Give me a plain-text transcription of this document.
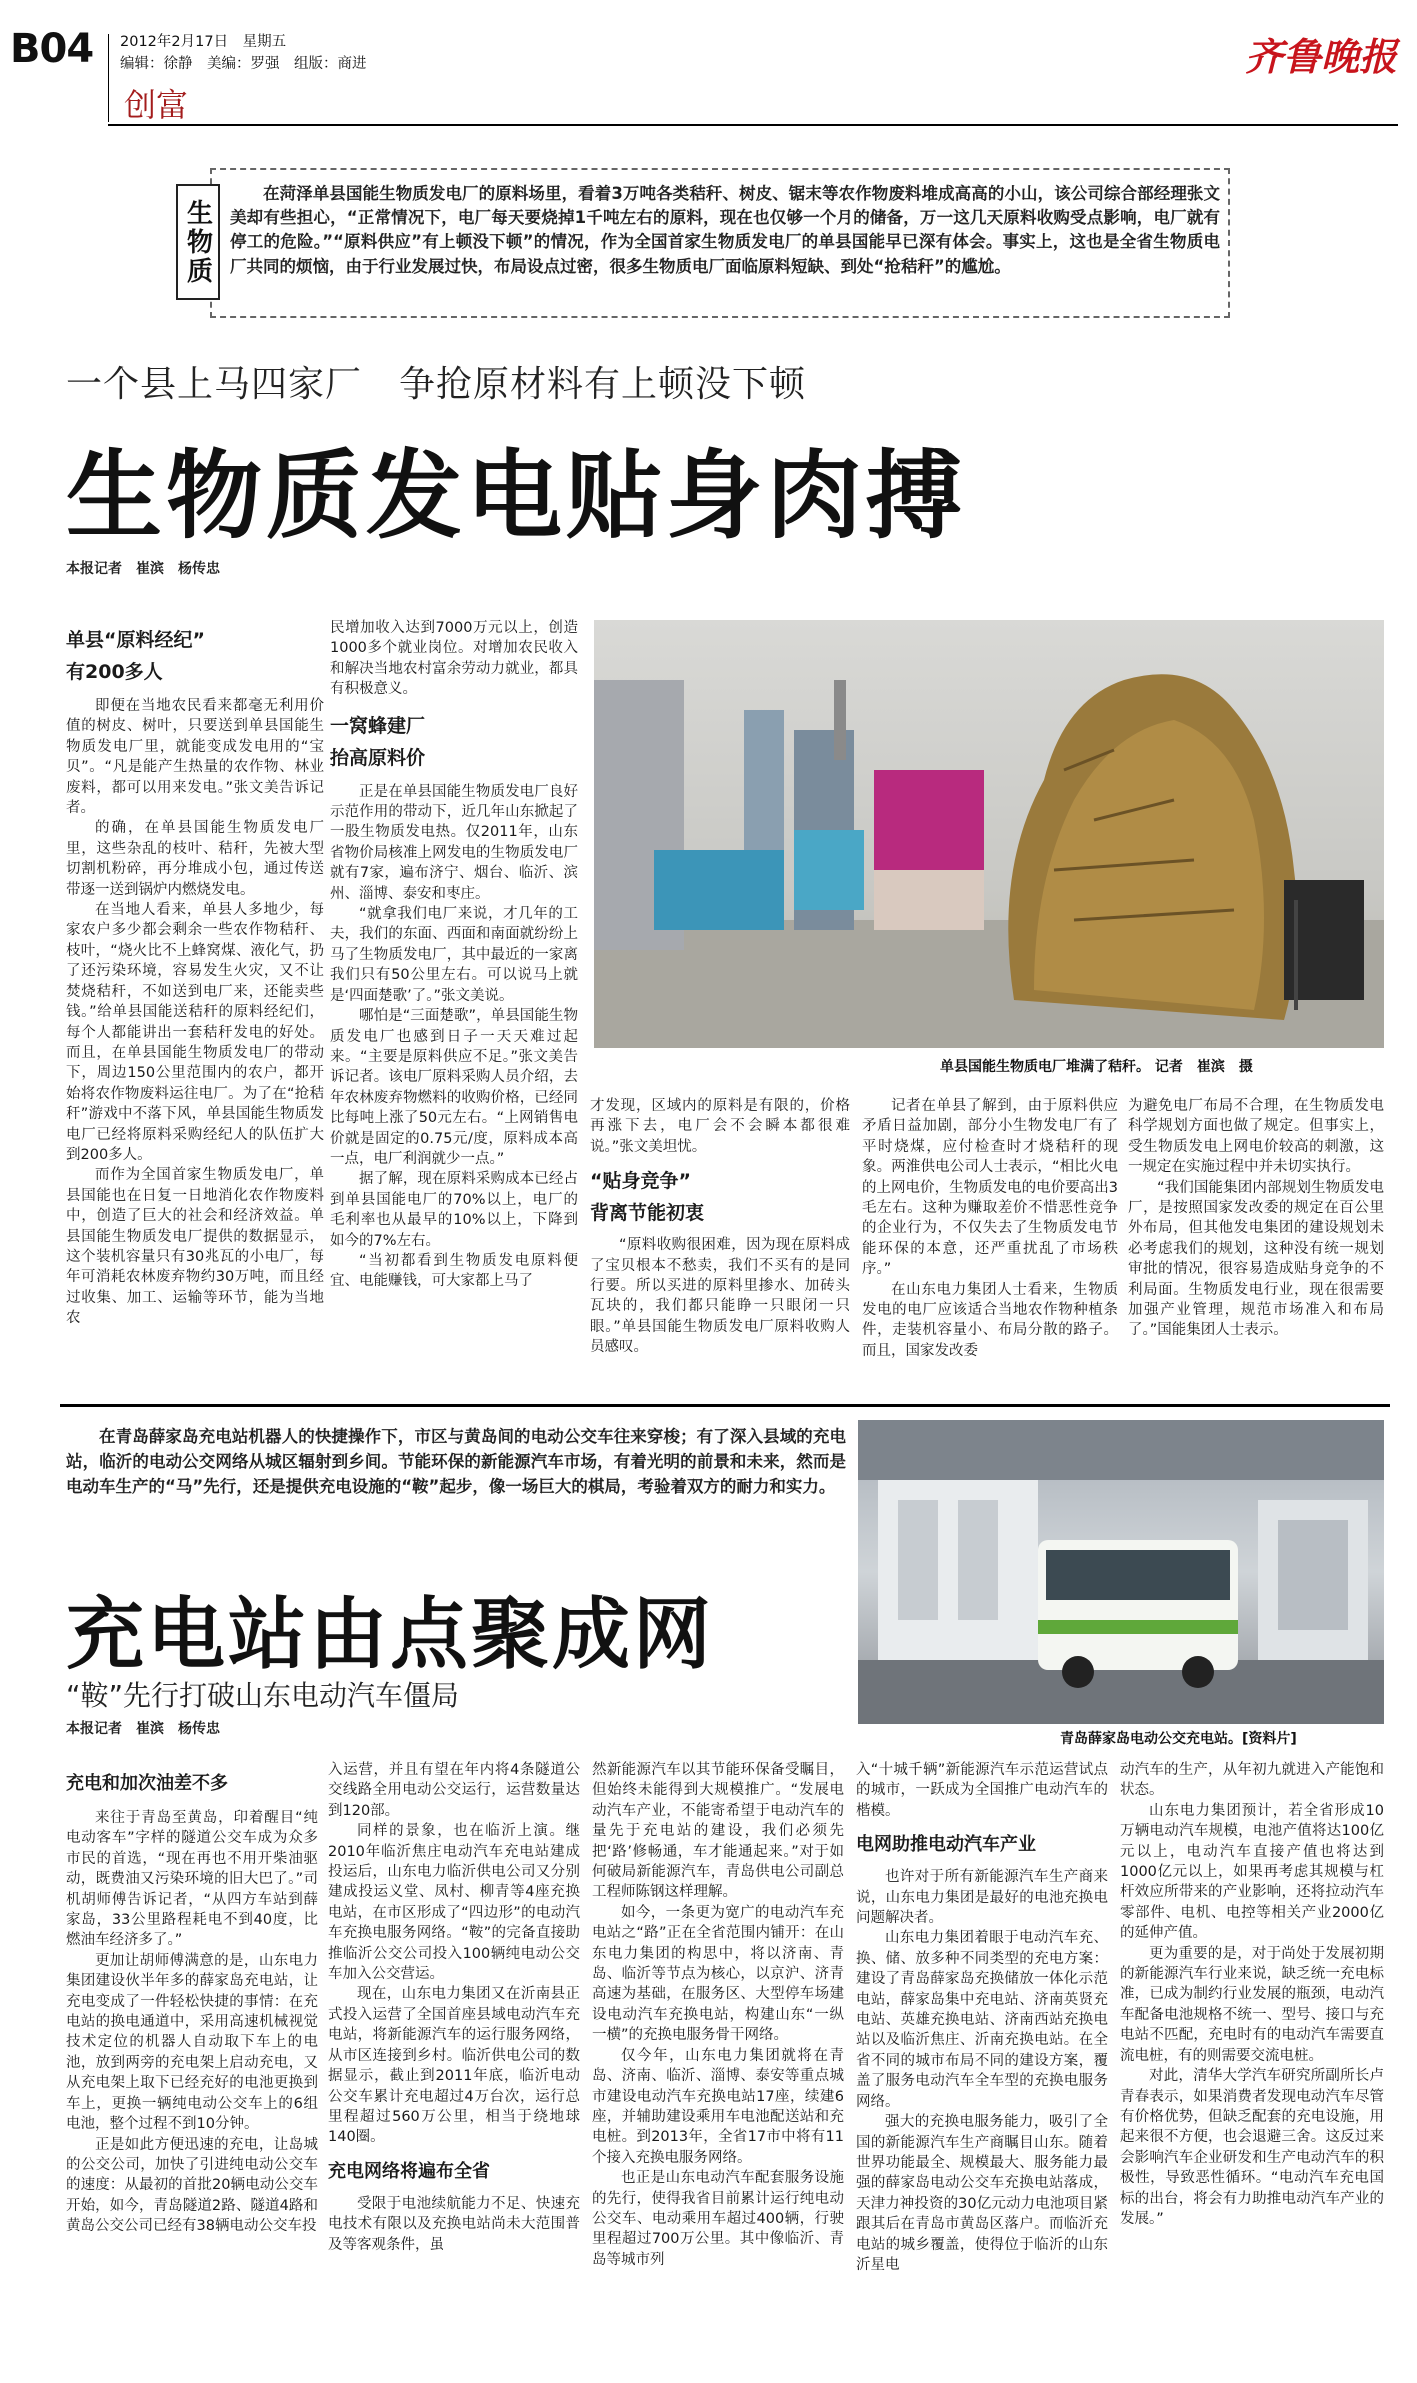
B04 2012年2月17日　星期五
编辑：徐静　美编：罗强　组版：商进
创富
齐鲁晚报
生物质
在菏泽单县国能生物质发电厂的原料场里，看着3万吨各类秸秆、树皮、锯末等农作物废料堆成高高的小山，该公司综合部经理张文美却有些担心，“正常情况下，电厂每天要烧掉1千吨左右的原料，现在也仅够一个月的储备，万一这几天原料收购受点影响，电厂就有停工的危险。”“原料供应”有上顿没下顿”的情况，作为全国首家生物质发电厂的单县国能早已深有体会。事实上，这也是全省生物质电厂共同的烦恼，由于行业发展过快，布局设点过密，很多生物质电厂面临原料短缺、到处“抢秸秆”的尴尬。
一个县上马四家厂　争抢原材料有上顿没下顿
生物质发电贴身肉搏
本报记者　崔滨　杨传忠
单县“原料经纪”
有200多人

即便在当地农民看来都毫无利用价值的树皮、树叶，只要送到单县国能生物质发电厂里，就能变成发电用的“宝贝”。“凡是能产生热量的农作物、林业废料，都可以用来发电。”张文美告诉记者。

的确，在单县国能生物质发电厂里，这些杂乱的枝叶、秸秆，先被大型切割机粉碎，再分堆成小包，通过传送带逐一送到锅炉内燃烧发电。

在当地人看来，单县人多地少，每家农户多少都会剩余一些农作物秸秆、枝叶，“烧火比不上蜂窝煤、液化气，扔了还污染环境，容易发生火灾，又不让焚烧秸秆，不如送到电厂来，还能卖些钱。”给单县国能送秸秆的原料经纪们，每个人都能讲出一套秸秆发电的好处。而且，在单县国能生物质发电厂的带动下，周边150公里范围内的农户，都开始将农作物废料运往电厂。为了在“抢秸秆”游戏中不落下风，单县国能生物质发电厂已经将原料采购经纪人的队伍扩大到200多人。

而作为全国首家生物质发电厂，单县国能也在日复一日地消化农作物废料中，创造了巨大的社会和经济效益。单县国能生物质发电厂提供的数据显示，这个装机容量只有30兆瓦的小电厂，每年可消耗农林废弃物约30万吨，而且经过收集、加工、运输等环节，能为当地农

民增加收入达到7000万元以上，创造1000多个就业岗位。对增加农民收入和解决当地农村富余劳动力就业，都具有积极意义。

一窝蜂建厂
抬高原料价

正是在单县国能生物质发电厂良好示范作用的带动下，近几年山东掀起了一股生物质发电热。仅2011年，山东省物价局核准上网发电的生物质发电厂就有7家，遍布济宁、烟台、临沂、滨州、淄博、泰安和枣庄。

“就拿我们电厂来说，才几年的工夫，我们的东面、西面和南面就纷纷上马了生物质发电厂，其中最近的一家离我们只有50公里左右。可以说马上就是‘四面楚歌’了。”张文美说。

哪怕是“三面楚歌”，单县国能生物质发电厂也感到日子一天天难过起来。“主要是原料供应不足。”张文美告诉记者。该电厂原料采购人员介绍，去年农林废弃物燃料的收购价格，已经同比每吨上涨了50元左右。“上网销售电价就是固定的0.75元/度，原料成本高一点，电厂利润就少一点。”

据了解，现在原料采购成本已经占到单县国能电厂的70%以上，电厂的毛利率也从最早的10%以上，下降到如今的7%左右。

“当初都看到生物质发电原料便宜、电能赚钱，可大家都上马了

单县国能生物质电厂堆满了秸秆。 记者　崔滨　摄

才发现，区域内的原料是有限的，价格再涨下去，电厂会不会瞬本都很难说。”张文美坦忧。

“贴身竞争”
背离节能初衷

“原料收购很困难，因为现在原料成了宝贝根本不愁卖，我们不买有的是同行要。所以买进的原料里掺水、加砖头瓦块的，我们都只能睁一只眼闭一只眼。”单县国能生物质发电厂原料收购人员感叹。

记者在单县了解到，由于原料供应矛盾日益加剧，部分小生物发电厂有了平时烧煤，应付检查时才烧秸秆的现象。两淮供电公司人士表示，“相比火电的上网电价，生物质发电的电价要高出3毛左右。这种为赚取差价不惜恶性竞争的企业行为，不仅失去了生物质发电节能环保的本意，还严重扰乱了市场秩序。”

在山东电力集团人士看来，生物质发电的电厂应该适合当地农作物种植条件，走装机容量小、布局分散的路子。而且，国家发改委

为避免电厂布局不合理，在生物质发电科学规划方面也做了规定。但事实上，受生物质发电上网电价较高的刺激，这一规定在实施过程中并未切实执行。

“我们国能集团内部规划生物质发电厂，是按照国家发改委的规定在百公里外布局，但其他发电集团的建设规划未必考虑我们的规划，这种没有统一规划审批的情况，很容易造成贴身竞争的不利局面。生物质发电行业，现在很需要加强产业管理，规范市场准入和布局了。”国能集团人士表示。

在青岛薛家岛充电站机器人的快捷操作下，市区与黄岛间的电动公交车往来穿梭；有了深入县域的充电站，临沂的电动公交网络从城区辐射到乡间。节能环保的新能源汽车市场，有着光明的前景和未来，然而是电动车生产的“马”先行，还是提供充电设施的“鞍”起步，像一场巨大的棋局，考验着双方的耐力和实力。
青岛薛家岛电动公交充电站。[资料片]
充电站由点聚成网
“鞍”先行打破山东电动汽车僵局
本报记者　崔滨　杨传忠
充电和加次油差不多

来往于青岛至黄岛，印着醒目“纯电动客车”字样的隧道公交车成为众多市民的首选，“现在再也不用开柴油驱动，既费油又污染环境的旧大巴了。”司机胡师傅告诉记者，“从四方车站到薛家岛，33公里路程耗电不到40度，比燃油车经济多了。”

更加让胡师傅满意的是，山东电力集团建设伙半年多的薛家岛充电站，让充电变成了一件轻松快捷的事情：在充电站的换电通道中，采用高速机械视觉技术定位的机器人自动取下车上的电池，放到两旁的充电架上启动充电，又从充电架上取下已经充好的电池更换到车上，更换一辆纯电动公交车上的6组电池，整个过程不到10分钟。

正是如此方便迅速的充电，让岛城的公交公司，加快了引进纯电动公交车的速度：从最初的首批20辆电动公交车开始，如今，青岛隧道2路、隧道4路和黄岛公交公司已经有38辆电动公交车投

入运营，并且有望在年内将4条隧道公交线路全用电动公交运行，运营数量达到120部。

同样的景象，也在临沂上演。继2010年临沂焦庄电动汽车充电站建成投运后，山东电力临沂供电公司又分别建成投运义堂、凤村、柳青等4座充换电站，在市区形成了“四边形”的电动汽车充换电服务网络。“鞍”的完备直接助推临沂公交公司投入100辆纯电动公交车加入公交营运。

现在，山东电力集团又在沂南县正式投入运营了全国首座县域电动汽车充电站，将新能源汽车的运行服务网络，从市区连接到乡村。临沂供电公司的数据显示，截止到2011年底，临沂电动公交车累计充电超过4万台次，运行总里程超过560万公里，相当于绕地球140圈。

充电网络将遍布全省

受限于电池续航能力不足、快速充电技术有限以及充换电站尚未大范围普及等客观条件，虽

然新能源汽车以其节能环保备受瞩目，但始终未能得到大规模推广。“发展电动汽车产业，不能寄希望于电动汽车的量先于充电站的建设，我们必须先把‘路’修畅通，车才能通起来。”对于如何破局新能源汽车，青岛供电公司副总工程师陈钢这样理解。

如今，一条更为宽广的电动汽车充电站之“路”正在全省范围内铺开：在山东电力集团的构思中，将以济南、青岛、临沂等节点为核心，以京沪、济青高速为基础，在服务区、大型停车场建设电动汽车充换电站，构建山东“一纵一横”的充换电服务骨干网络。

仅今年，山东电力集团就将在青岛、济南、临沂、淄博、泰安等重点城市建设电动汽车充换电站17座，续建6座，并辅助建设乘用车电池配送站和充电桩。到2013年，全省17市中将有11个接入充换电服务网络。

也正是山东电动汽车配套服务设施的先行，使得我省目前累计运行纯电动公交车、电动乘用车超过400辆，行驶里程超过700万公里。其中像临沂、青岛等城市列

入“十城千辆”新能源汽车示范运营试点的城市，一跃成为全国推广电动汽车的楷模。

电网助推电动汽车产业

也许对于所有新能源汽车生产商来说，山东电力集团是最好的电池充换电问题解决者。

山东电力集团着眼于电动汽车充、换、储、放多种不同类型的充电方案：建设了青岛薛家岛充换储放一体化示范电站，薛家岛集中充电站、济南英贤充电站、英雄充换电站、济南西站充换电站以及临沂焦庄、沂南充换电站。在全省不同的城市布局不同的建设方案，覆盖了服务电动汽车全车型的充换电服务网络。

强大的充换电服务能力，吸引了全国的新能源汽车生产商瞩目山东。随着世界功能最全、规模最大、服务能力最强的薛家岛电动公交车充换电站落成，天津力神投资的30亿元动力电池项目紧跟其后在青岛市黄岛区落户。而临沂充电站的城乡覆盖，使得位于临沂的山东沂星电

动汽车的生产，从年初九就进入产能饱和状态。

山东电力集团预计，若全省形成10万辆电动汽车规模，电池产值将达100亿元以上，电动汽车直接产值也将达到1000亿元以上，如果再考虑其规模与杠杆效应所带来的产业影响，还将拉动汽车零部件、电机、电控等相关产业2000亿的延伸产值。

更为重要的是，对于尚处于发展初期的新能源汽车行业来说，缺乏统一充电标准，已成为制约行业发展的瓶颈，电动汽车配备电池规格不统一、型号、接口与充电站不匹配，充电时有的电动汽车需要直流电桩，有的则需要交流电桩。

对此，清华大学汽车研究所副所长卢青春表示，如果消费者发现电动汽车尽管有价格优势，但缺乏配套的充电设施，用起来很不方便，也会退避三舍。这反过来会影响汽车企业研发和生产电动汽车的积极性，导致恶性循环。“电动汽车充电国标的出台，将会有力助推电动汽车产业的发展。”
